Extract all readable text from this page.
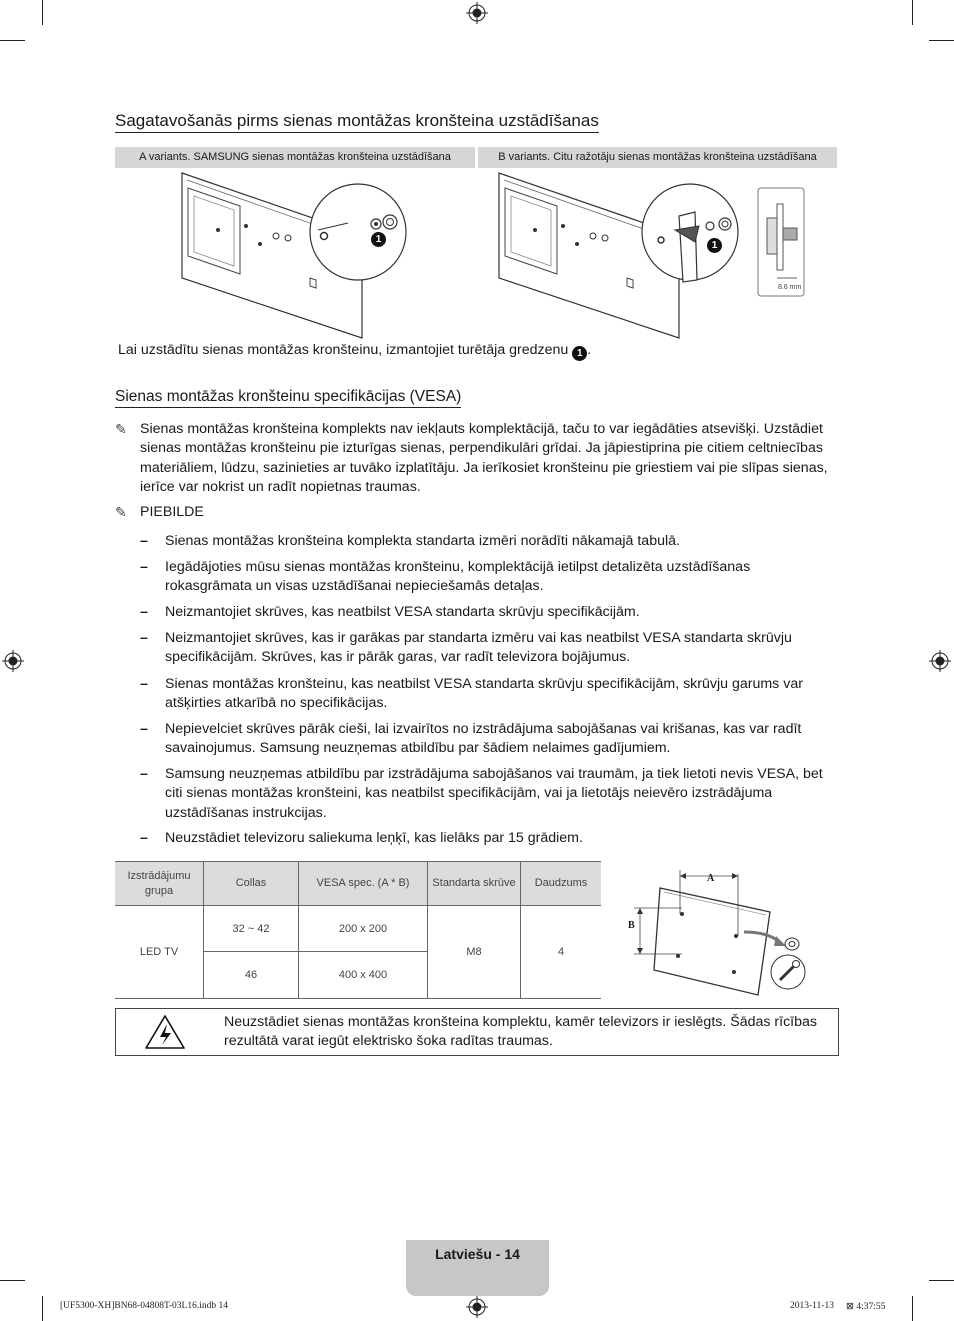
Sagatavošanās pirms sienas montāžas kronšteina uzstādīšanas
A variants. SAMSUNG sienas montāžas kronšteina uzstādīšana	B variants. Citu ražotāju sienas montāžas kronšteina uzstādīšana
1
1
8.6 mm
Lai uzstādītu sienas montāžas kronšteinu, izmantojiet turētāja gredzenu 1 .
Sienas montāžas kronšteinu specifikācijas (VESA)
✎ Sienas montāžas kronšteina komplekts nav iekļauts komplektācijā, taču to var iegādāties atsevišķi. Uzstādiet sienas montāžas kronšteinu pie izturīgas sienas, perpendikulāri grīdai. Ja jāpiestiprina pie citiem celtniecības materiāliem, lūdzu, sazinieties ar tuvāko izplatītāju. Ja ierīkosiet kronšteinu pie griestiem vai pie slīpas sienas, ierīce var nokrist un radīt nopietnas traumas.
✎ PIEBILDE
– Sienas montāžas kronšteina komplekta standarta izmēri norādīti nākamajā tabulā.
– Iegādājoties mūsu sienas montāžas kronšteinu, komplektācijā ietilpst detalizēta uzstādīšanas rokasgrāmata un visas uzstādīšanai nepieciešamās detaļas.
– Neizmantojiet skrūves, kas neatbilst VESA standarta skrūvju specifikācijām.
– Neizmantojiet skrūves, kas ir garākas par standarta izmēru vai kas neatbilst VESA standarta skrūvju specifikācijām. Skrūves, kas ir pārāk garas, var radīt televizora bojājumus.
– Sienas montāžas kronšteinu, kas neatbilst VESA standarta skrūvju specifikācijām, skrūvju garums var atšķirties atkarībā no specifikācijas.
– Nepievelciet skrūves pārāk cieši, lai izvairītos no izstrādājuma sabojāšanas vai krišanas, kas var radīt savainojumus. Samsung neuzņemas atbildību par šādiem nelaimes gadījumiem.
– Samsung neuzņemas atbildību par izstrādājuma sabojāšanos vai traumām, ja tiek lietoti nevis VESA, bet citi sienas montāžas kronšteini, kas neatbilst specifikācijām, vai ja lietotājs neievēro izstrādājuma uzstādīšanas instrukcijas.
– Neuzstādiet televizoru saliekuma leņķī, kas lielāks par 15 grādiem.
Izstrādājumu grupa	Collas	VESA spec. (A * B)	Standarta skrūve	Daudzums
LED TV	32 ~ 42	200 x 200	M8	4
	46	400 x 400		
A
B
Neuzstādiet sienas montāžas kronšteina komplektu, kamēr televizors ir ieslēgts. Šādas rīcības rezultātā varat iegūt elektrisko šoka radītas traumas.
Latviešu - 14
[UF5300-XH]BN68-04808T-03L16.indb 14	2013-11-13 ⊠ 4:37:55
